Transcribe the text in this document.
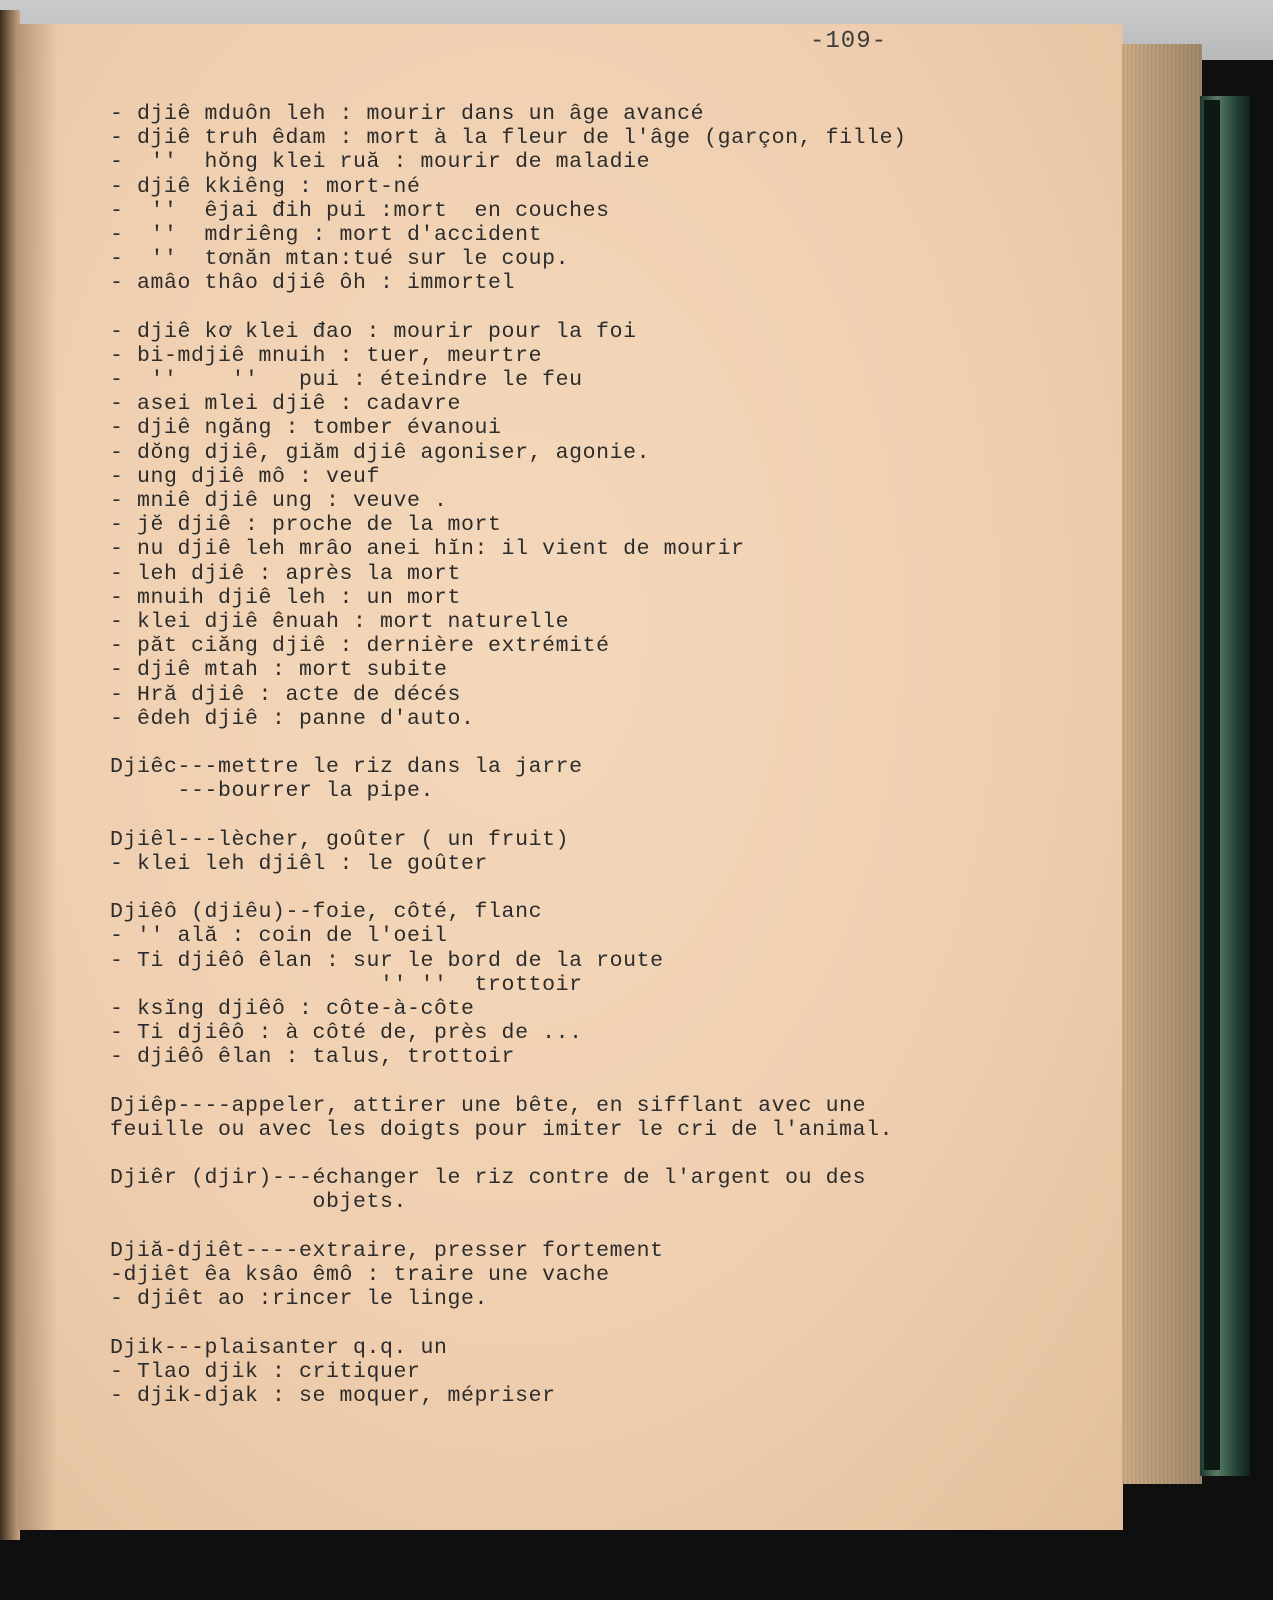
-109-
- djiê mduôn leh : mourir dans un âge avancé
- djiê truh êdam : mort à la fleur de l'âge (garçon, fille)
-  ''  hŏng klei ruă : mourir de maladie
- djiê kkiêng : mort-né
-  ''  êjai đih pui :mort  en couches
-  ''  mdriêng : mort d'accident
-  ''  tơnăn mtan:tué sur le coup.
- amâo thâo djiê ôh : immortel
- djiê kơ klei đao : mourir pour la foi
- bi-mdjiê mnuih : tuer, meurtre
-  ''    ''   pui : éteindre le feu
- asei mlei djiê : cadavre
- djiê ngăng : tomber évanoui
- dŏng djiê, giăm djiê agoniser, agonie.
- ung djiê mô : veuf
- mniê djiê ung : veuve .
- jĕ djiê : proche de la mort
- nu djiê leh mrâo anei hĭn: il vient de mourir
- leh djiê : après la mort
- mnuih djiê leh : un mort
- klei djiê ênuah : mort naturelle
- păt ciăng djiê : dernière extrémité
- djiê mtah : mort subite
- Hră djiê : acte de décés
- êdeh djiê : panne d'auto.
Djiêc---mettre le riz dans la jarre
---bourrer la pipe.
Djiêl---lècher, goûter ( un fruit)
- klei leh djiêl : le goûter
Djiêô (djiêu)--foie, côté, flanc
- '' ală : coin de l'oeil
- Ti djiêô êlan : sur le bord de la route
'' ''  trottoir
- ksĭng djiêô : côte-à-côte
- Ti djiêô : à côté de, près de ...
- djiêô êlan : talus, trottoir
Djiêp----appeler, attirer une bête, en sifflant avec une
feuille ou avec les doigts pour imiter le cri de l'animal.
Djiêr (djir)---échanger le riz contre de l'argent ou des
objets.
Djiă-djiêt----extraire, presser fortement
-djiêt êa ksâo êmô : traire une vache
- djiêt ao :rincer le linge.
Djik---plaisanter q.q. un
- Tlao djik : critiquer
- djik-djak : se moquer, mépriser
